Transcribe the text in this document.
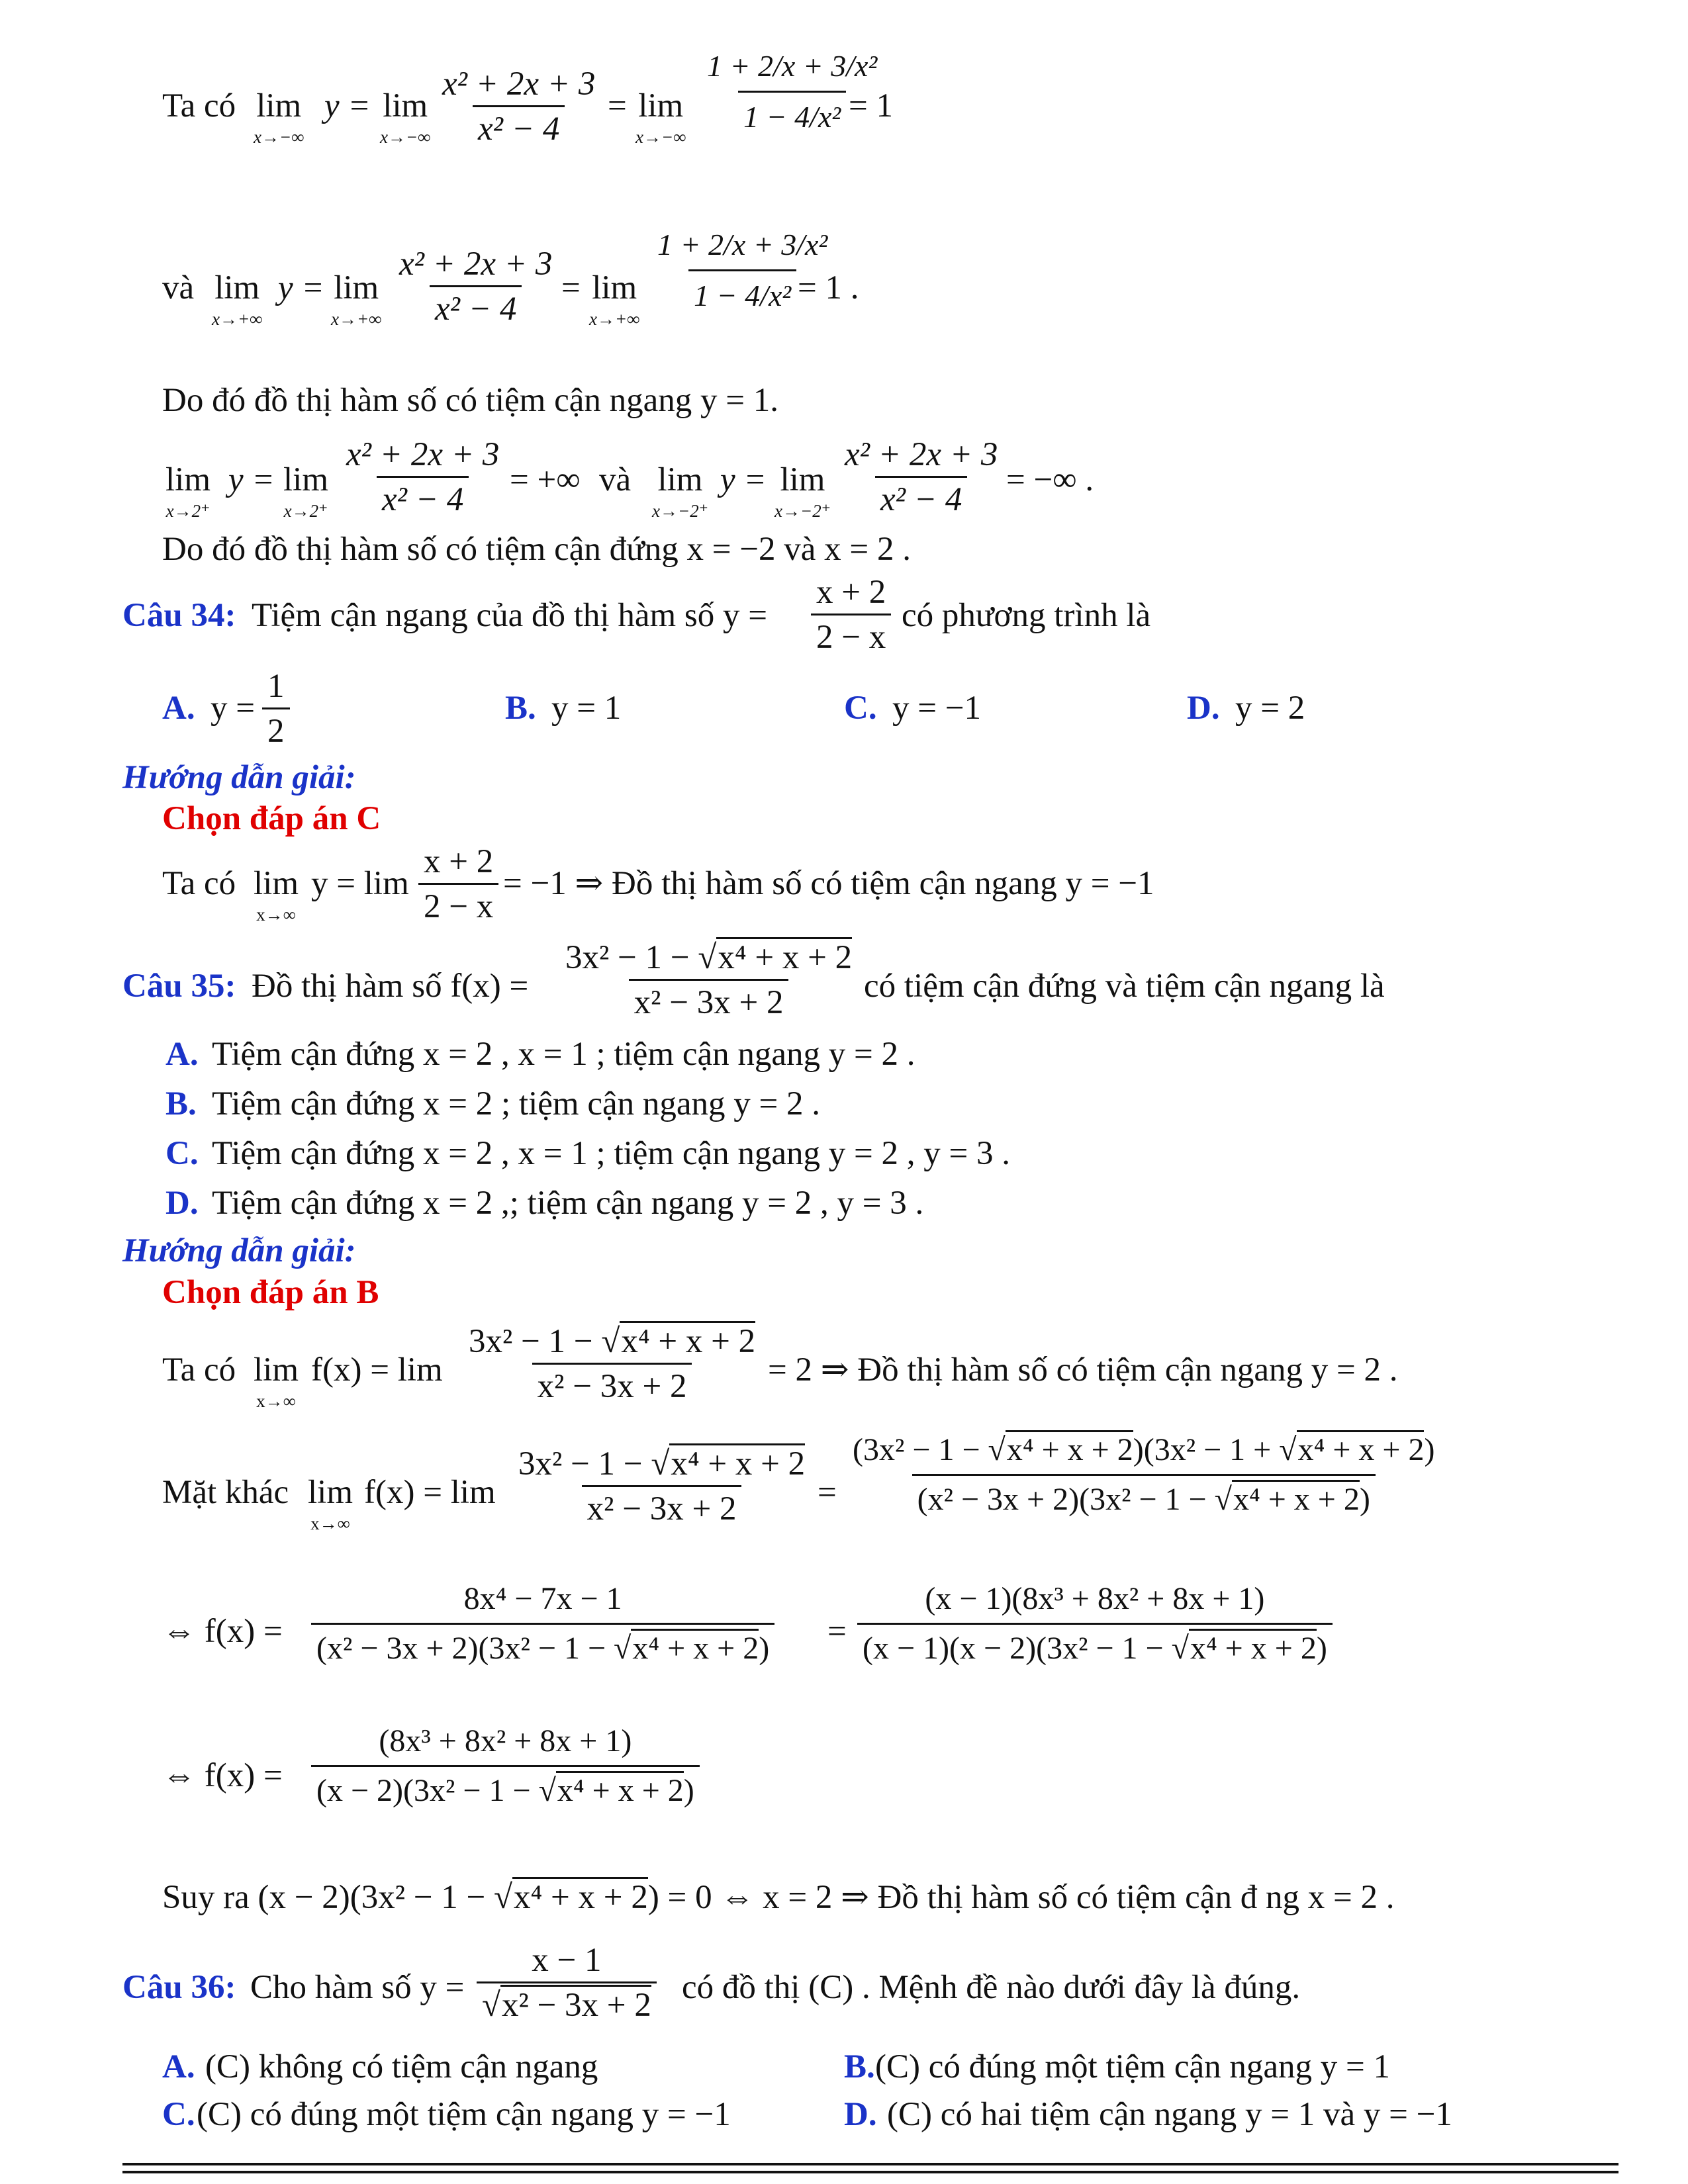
Ta có lim
x→−∞
y = lim
$x\to-\infty \frac{\text{x² + 2x + 3}}{\text{x² − 4}} = \lim$
x→−∞
$\frac{\text{1 + 2/x + 3/x²}}{\text{1 − 4/x²}}$
= 1
và lim
x→+∞
y = lim
$x\to+\infty \frac{\text{x² + 2x + 3}}{\text{x² − 4}} = \lim$
x→+∞
$\frac{\text{1 + 2/x + 3/x²}}{\text{1 − 4/x²}}$
= 1 .
Do đó đồ thị hàm số có tiệm cận ngang y = 1.
lim
x→2⁺
y = lim
$x\to 2^+ \frac{\text{x² + 2x + 3}}{\text{x² − 4}}$ = +∞ và lim
x→−2⁺
y = lim
$x\to-2^+ \frac{\text{x² + 2x + 3}}{\text{x² − 4}}$ = −∞ .
Do đó đồ thị hàm số có tiệm cận đứng x = −2 và x = 2 .
Câu 34: Tiệm cận ngang của đồ thị hàm số $y = \frac{x + 2}{2 - x}$ có phương trình là
A. $y = \frac{1}{2}$	B. y = 1	C. y = −1	D. y = 2
Hướng dẫn giải:
Chọn đáp án C
Ta có lim
x→∞
$y = \lim \frac{x + 2}{2 - x} = -1$ ⇒ Đồ thị hàm số có tiệm cận ngang y = −1
Câu 35: Đồ thị hàm số $f(x) = \frac{\text{3x² − 1 − √x⁴ + x + 2}}{\text{x² − 3x + 2}}$ có tiệm cận đứng và tiệm cận ngang là
A. Tiệm cận đứng x = 2 , x = 1 ; tiệm cận ngang y = 2 .
B. Tiệm cận đứng x = 2 ; tiệm cận ngang y = 2 .
C. Tiệm cận đứng x = 2 , x = 1 ; tiệm cận ngang y = 2 , y = 3 .
D. Tiệm cận đứng x = 2 ,; tiệm cận ngang y = 2 , y = 3 .
Hướng dẫn giải:
Chọn đáp án B
Ta có lim
x→∞
$f(x) = \lim \frac{\text{3x² − 1 − √x⁴ + x + 2}}{\text{x² − 3x + 2}} = 2$ ⇒ Đồ thị hàm số có tiệm cận ngang y = 2 .
Mặt khác lim
x→∞
$f(x) = \lim \frac{\text{3x² − 1 − √x⁴ + x + 2}}{\text{x² − 3x + 2}} = \frac{\text{(3x² − 1 − √x⁴ + x + 2)(3x² − 1 + √x⁴ + x + 2)}}{\text{(x² − 3x + 2)(3x² − 1 − √x⁴ + x + 2)}}$
⇔ $f(x) = \frac{\text{8x⁴ − 7x − 1}}{\text{(x² − 3x + 2)(3x² − 1 − √x⁴ + x + 2)}} = \frac{\text{(x − 1)(8x³ + 8x² + 8x + 1)}}{\text{(x − 1)(x − 2)(3x² − 1 − √x⁴ + x + 2)}}$
⇔ $f(x) = \frac{\text{(8x³ + 8x² + 8x + 1)}}{\text{(x − 2)(3x² − 1 − √x⁴ + x + 2)}}$
Suy ra (x − 2)(3x² − 1 − √x⁴ + x + 2) = 0 ⇔ x = 2 ⇒ Đồ thị hàm số có tiệm cận đ ng x = 2 .
Câu 36: Cho hàm số $y = \frac{x - 1}{\text{√x² − 3x + 2}}$ có đồ thị (C) . Mệnh đề nào dưới đây là đúng.
A. (C) không có tiệm cận ngang	B. (C) có đúng một tiệm cận ngang y = 1
C. (C) có đúng một tiệm cận ngang y = −1	D. (C) có hai tiệm cận ngang y = 1 và y = −1
